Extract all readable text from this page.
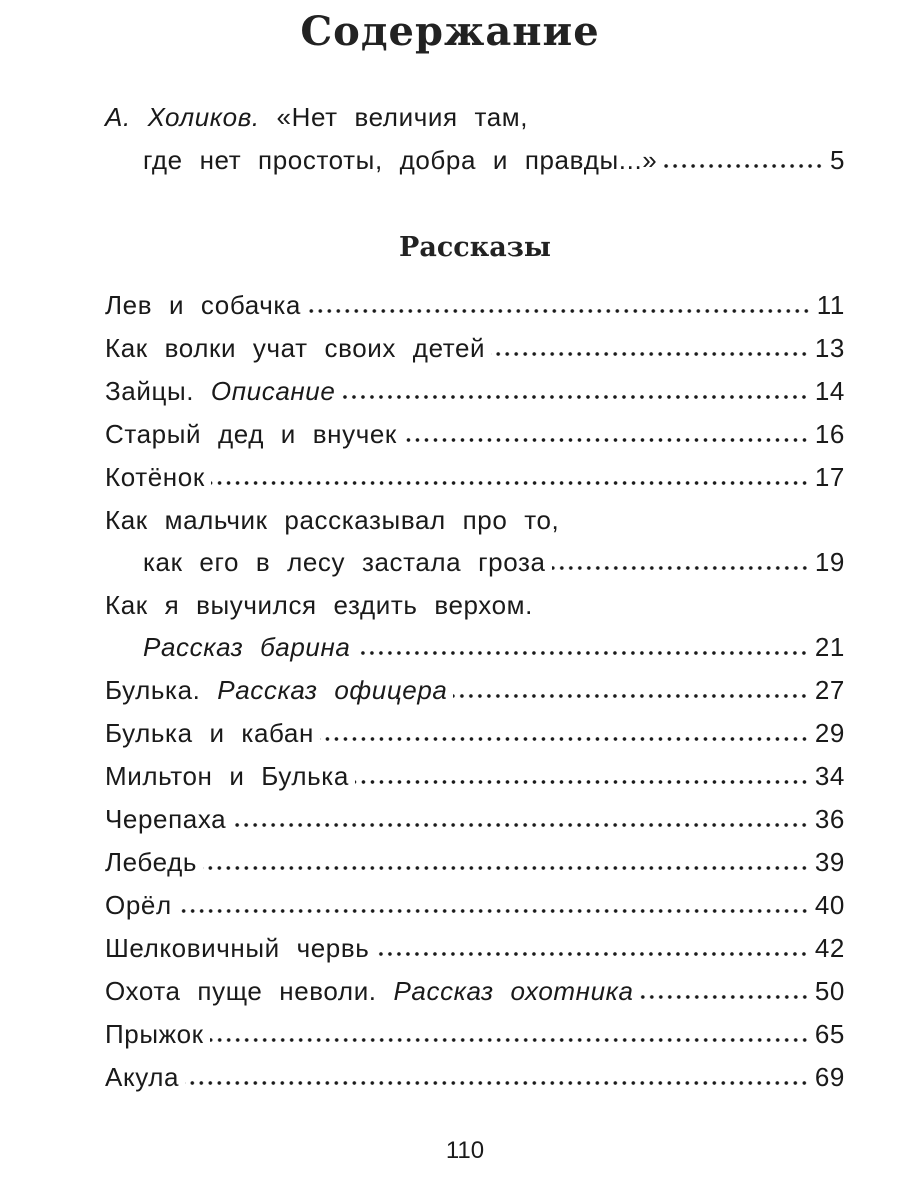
Содержание
А. Холиков. «Нет величия там,
где нет простоты, добра и правды...»	5
Лев и собачка	11
Как волки учат своих детей	13
Зайцы. Описание	14
Старый дед и внучек	16
Котёнок	17
Как мальчик рассказывал про то,
как его в лесу застала гроза	19
Как я выучился ездить верхом.
Рассказ барина	21
Булька. Рассказ офицера	27
Булька и кабан	29
Мильтон и Булька	34
Черепаха	36
Лебедь	39
Орёл	40
Шелковичный червь	42
Охота пуще неволи. Рассказ охотника	50
Прыжок	65
Акула	69
Рассказы
110
